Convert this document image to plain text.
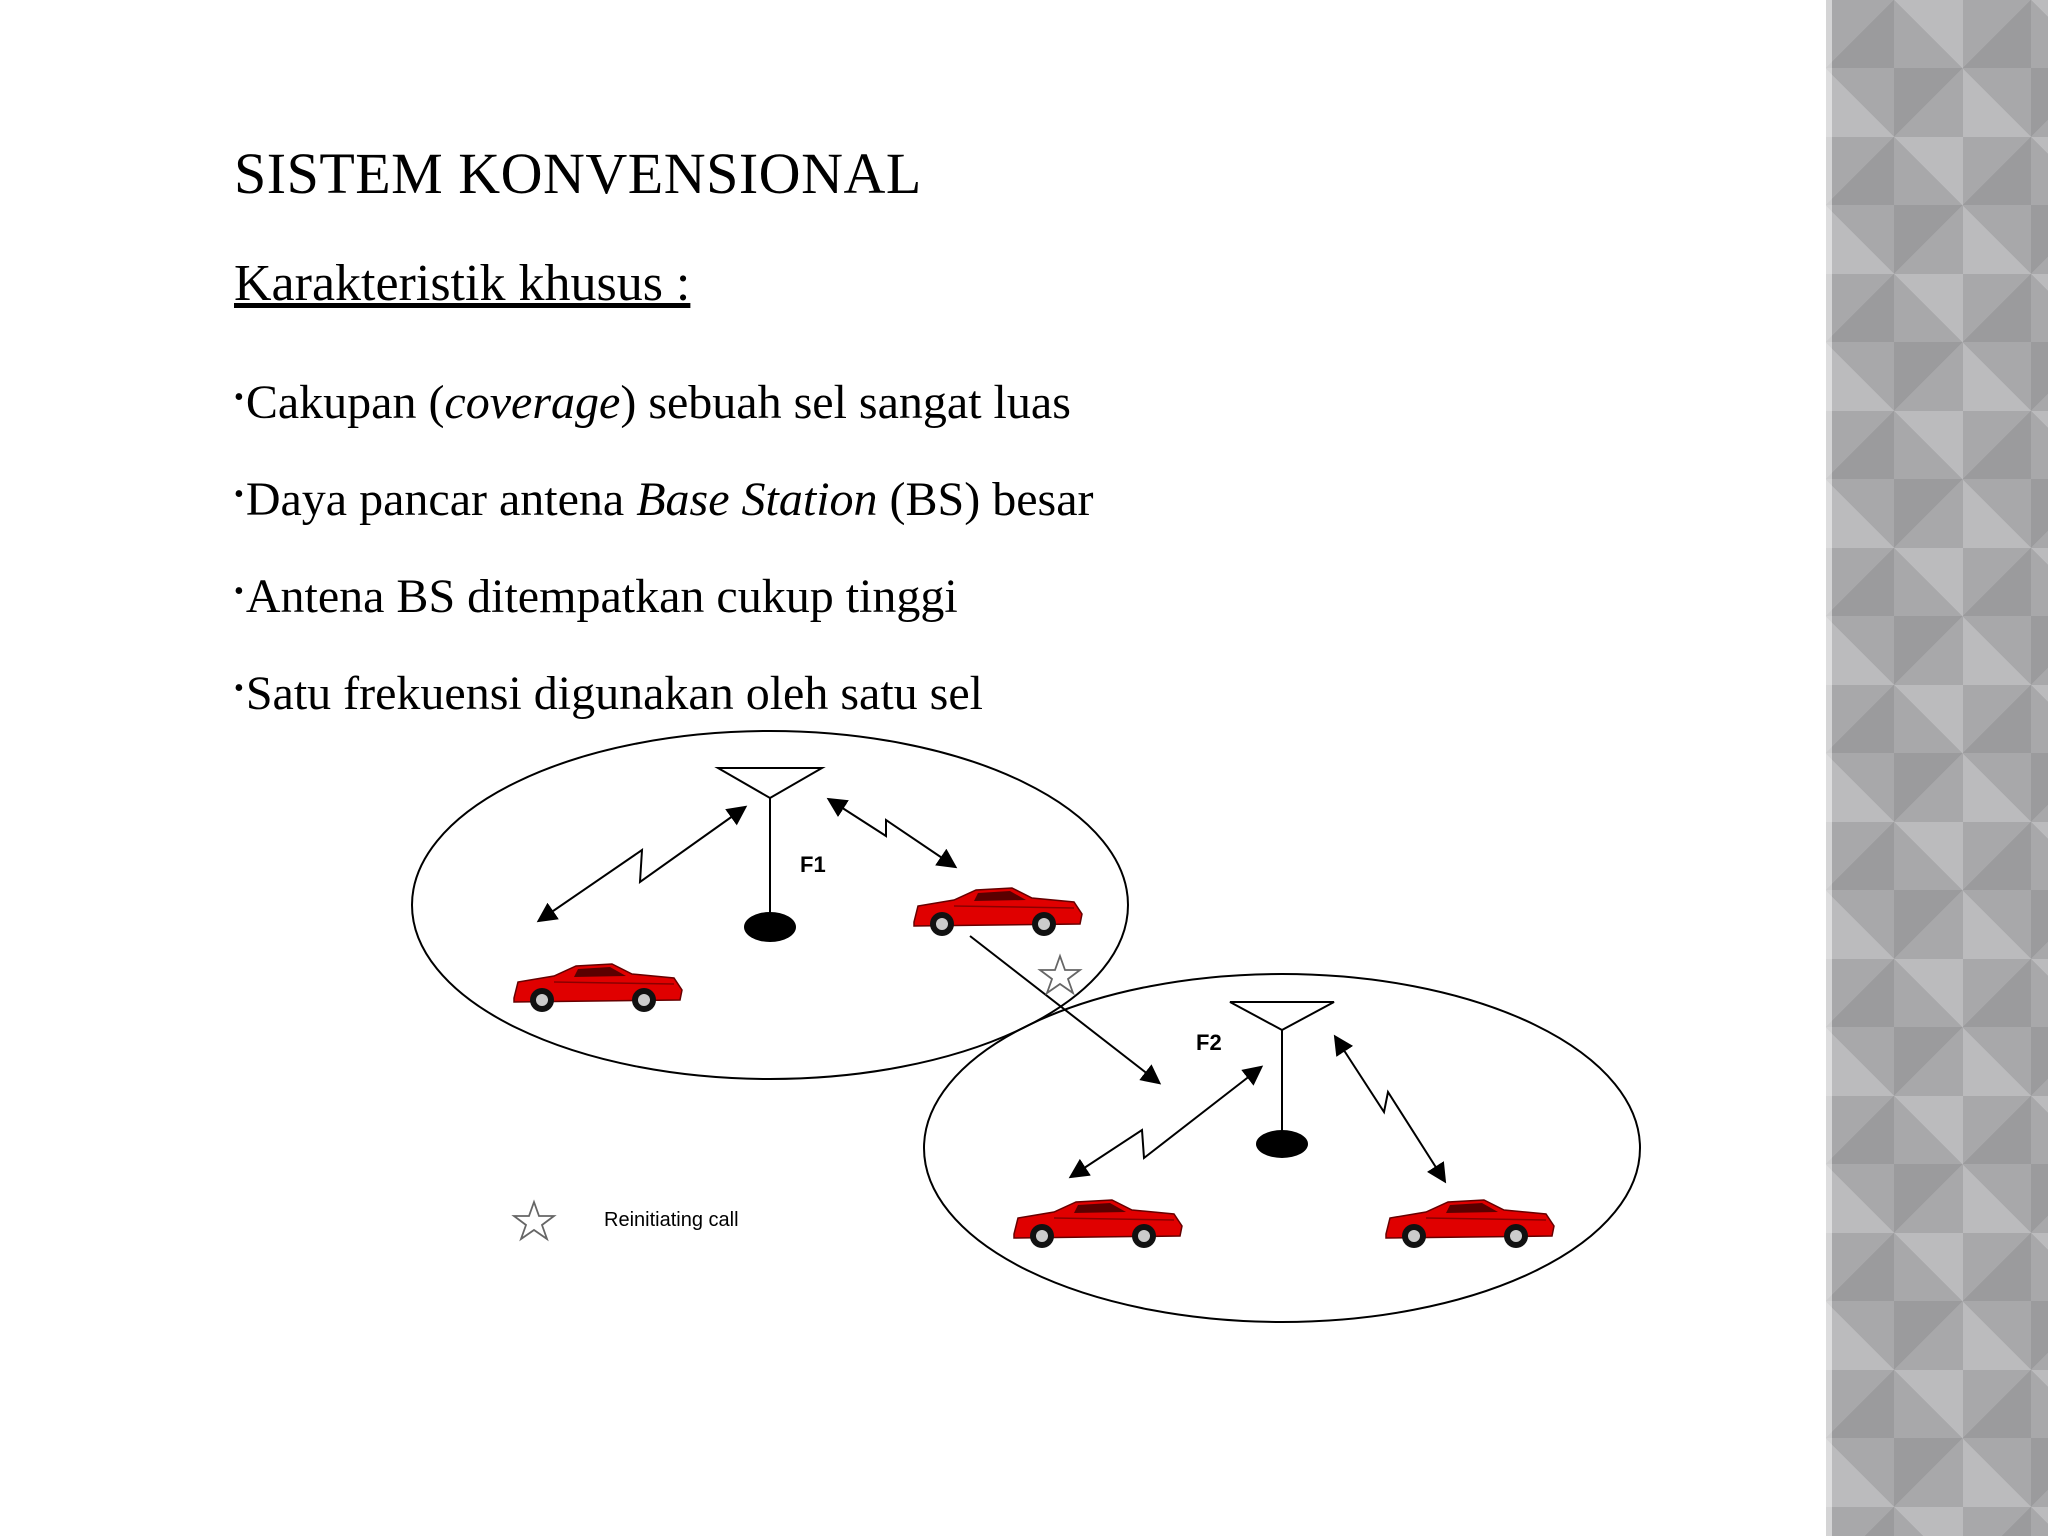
SISTEM KONVENSIONAL
Karakteristik khusus :
•Cakupan (coverage) sebuah sel sangat luas
•Daya pancar antena Base Station (BS) besar
•Antena BS ditempatkan cukup tinggi
•Satu frekuensi digunakan oleh satu sel
F1
F2
Reinitiating call
